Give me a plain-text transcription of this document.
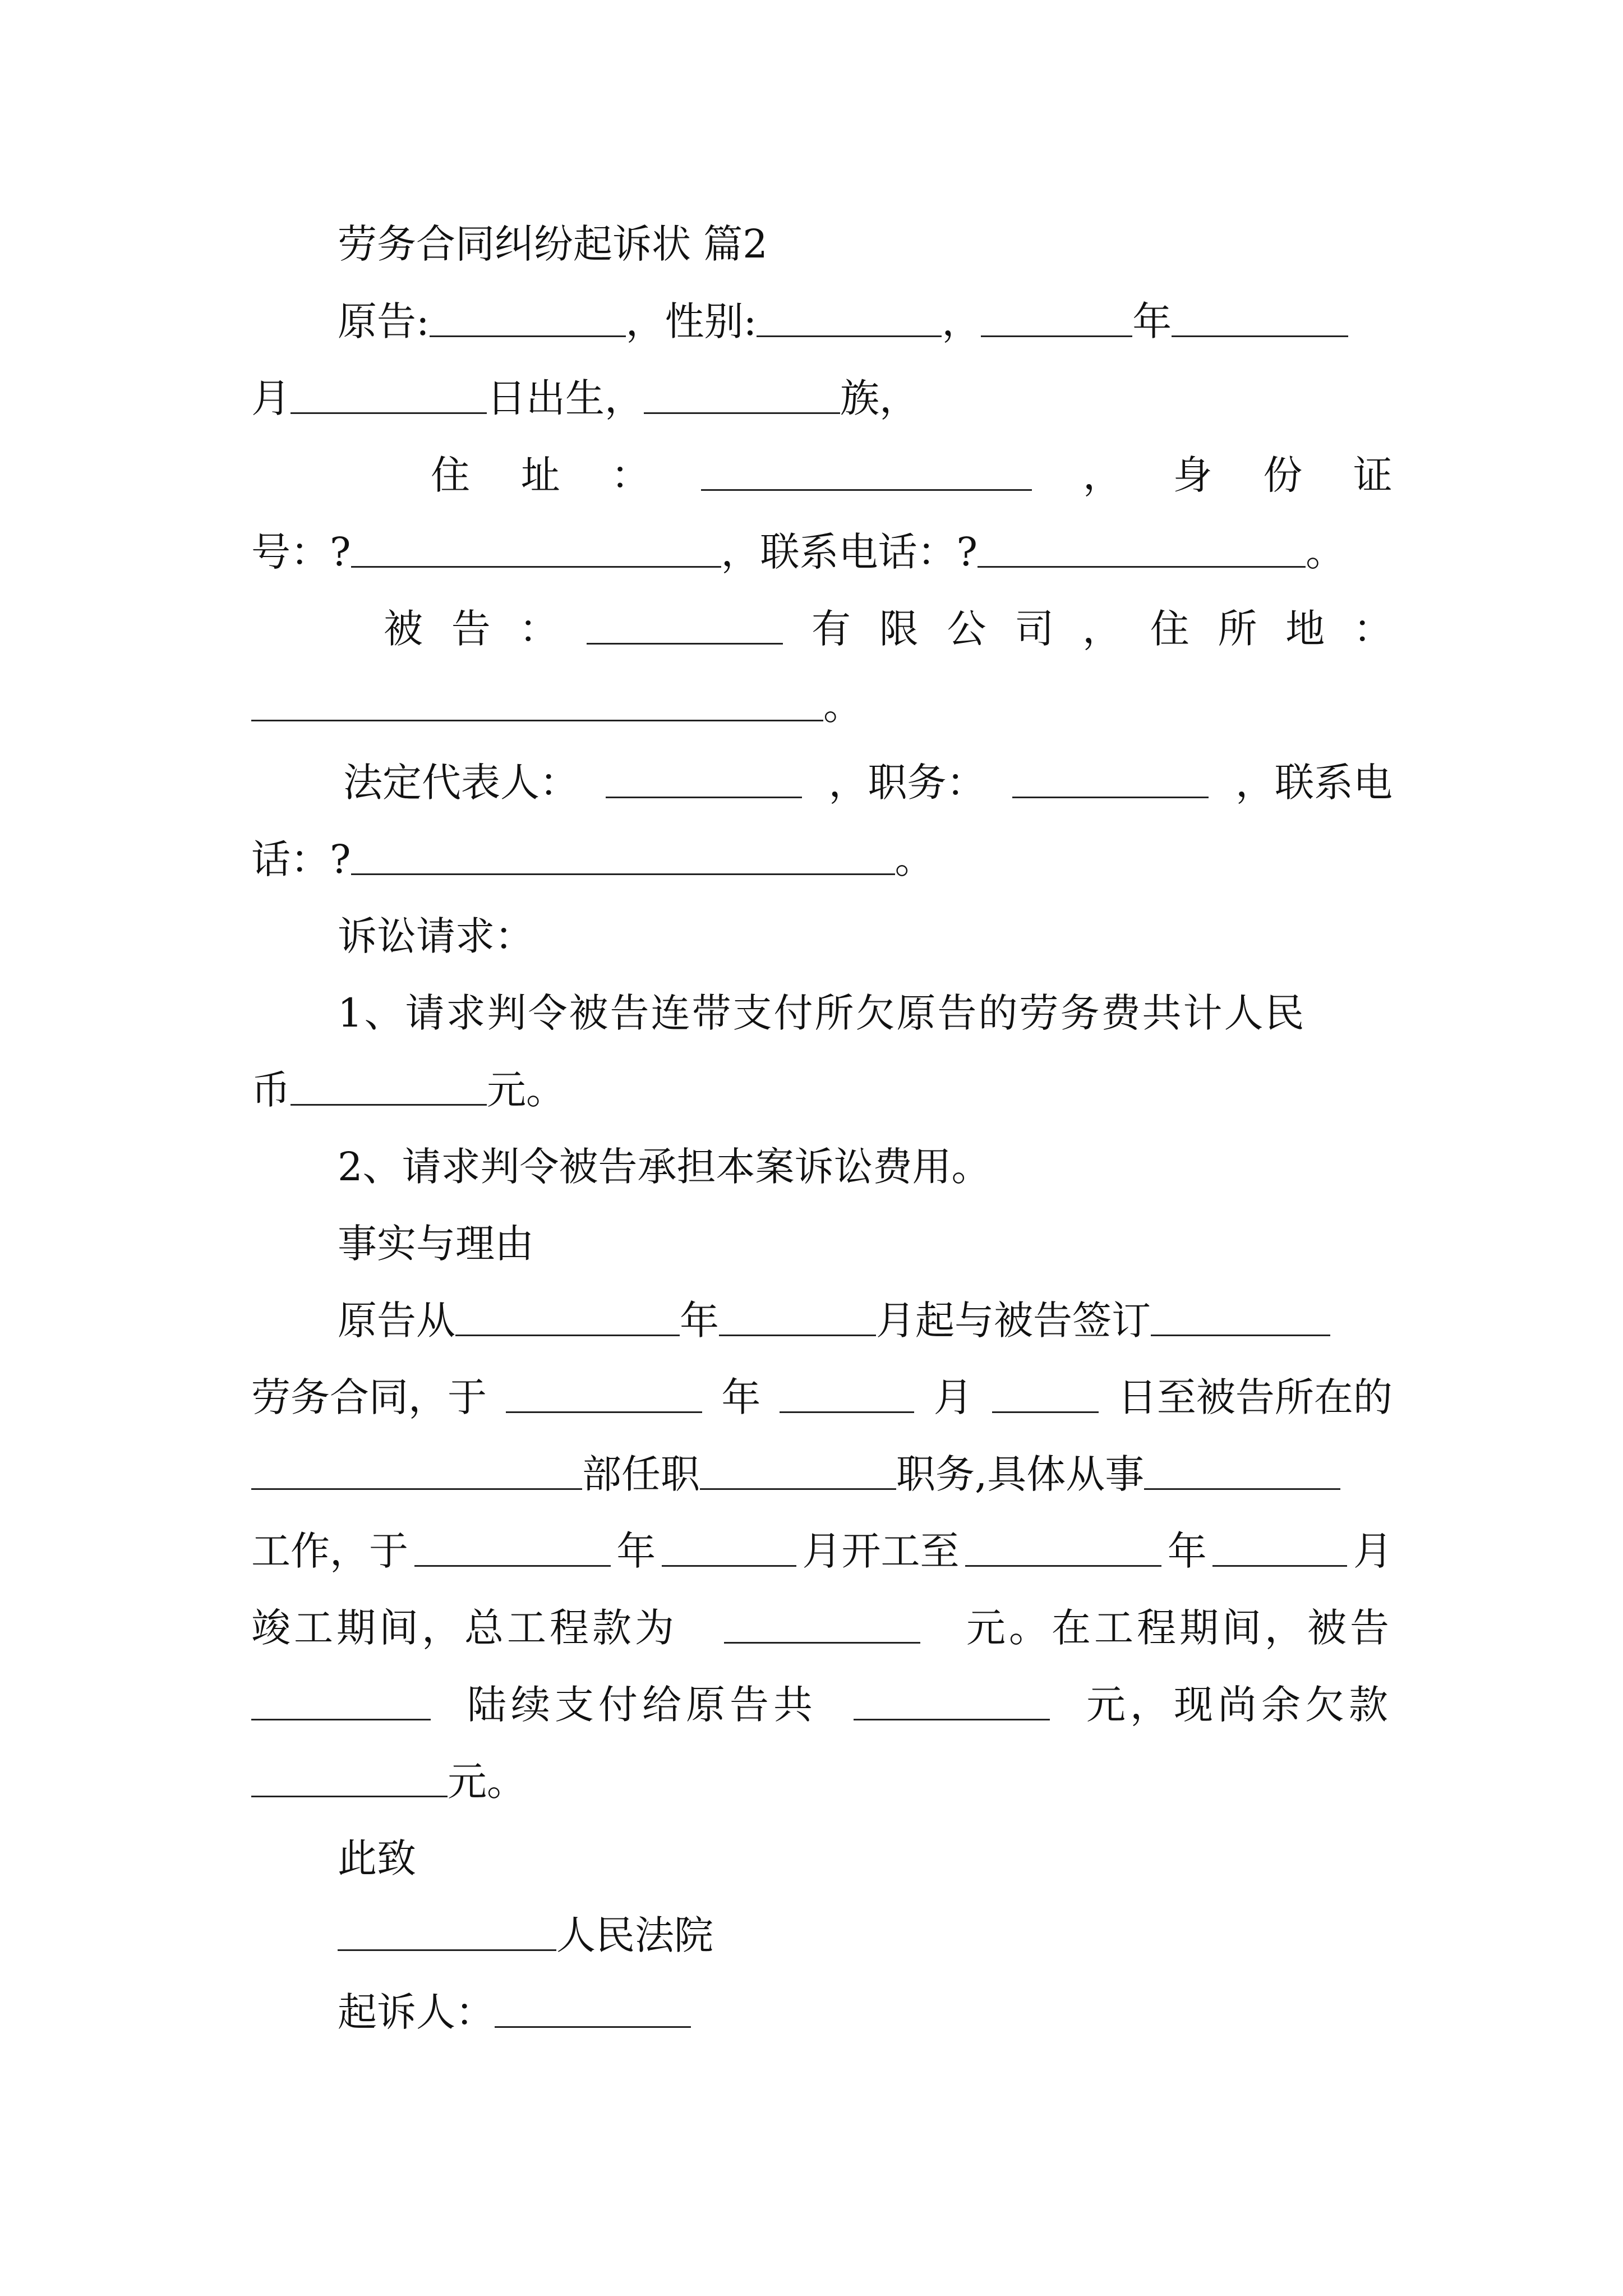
劳务合同纠纷起诉状 篇2
原告:	，性别:	，	年
月	日出生，	族，
住 址 ：	， 身 份 证
号：?	，联系电话：?	。
被 告 ：	有 限 公 司 ， 住 所 地 ：
。
法定代表人：	，职务：	，联系电
话：?	。
诉讼请求：
1、请求判令被告连带支付所欠原告的劳务费共计人民
币	元。
2、请求判令被告承担本案诉讼费用。
事实与理由
原告从	年	月起与被告签订
劳务合同，于	年	月	日至被告所在的
部任职	职务,具体从事
工作，于	年	月开工至	年	月
竣工期间，总工程款为	元。在工程期间，被告
陆续支付给原告共	元，现尚余欠款
元。
此致
人民法院
起诉人：
